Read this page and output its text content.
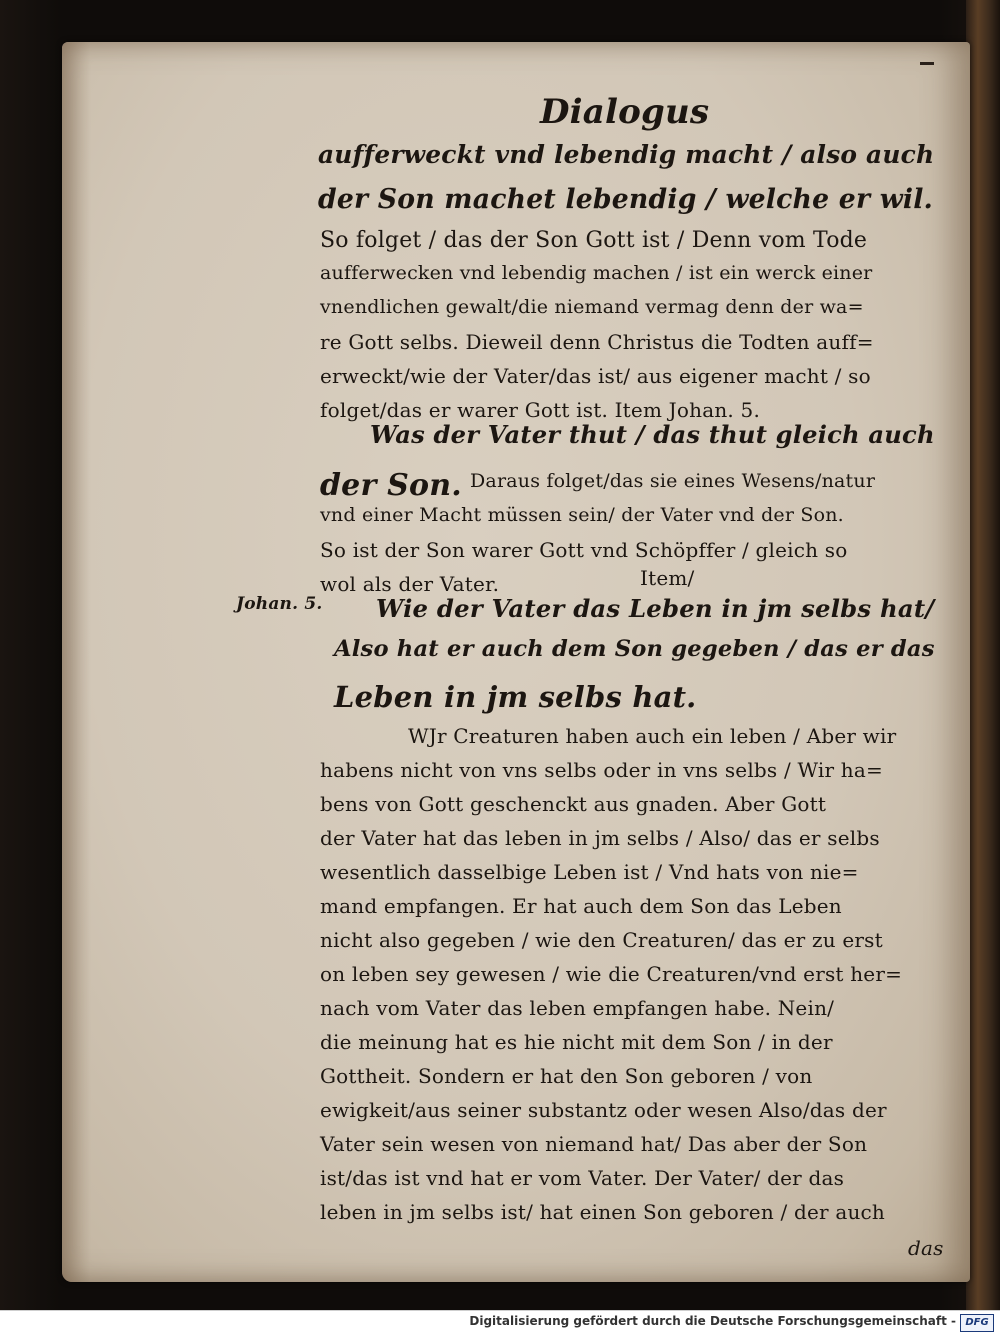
Dialogus
aufferweckt vnd lebendig macht / also auch
der Son machet lebendig / welche er wil.
So folget / das der Son Gott ist / Denn vom Tode
aufferwecken vnd lebendig machen / ist ein werck einer
vnendlichen gewalt/die niemand vermag denn der wa=
re Gott selbs. Dieweil denn Christus die Todten auff=
erweckt/wie der Vater/das ist/ aus eigener macht / so
folget/das er warer Gott ist. Item Johan. 5.
Was der Vater thut / das thut gleich auch
der Son. Daraus folget/das sie eines Wesens/natur
vnd einer Macht müssen sein/ der Vater vnd der Son.
So ist der Son warer Gott vnd Schöpffer / gleich so
wol als der Vater.	Item/
Wie der Vater das Leben in jm selbs hat/
Johan. 5.
Also hat er auch dem Son gegeben / das er das
Leben in jm selbs hat.
WJr Creaturen haben auch ein leben / Aber wir
habens nicht von vns selbs oder in vns selbs / Wir ha=
bens von Gott geschenckt aus gnaden. Aber Gott
der Vater hat das leben in jm selbs / Also/ das er selbs
wesentlich dasselbige Leben ist / Vnd hats von nie=
mand empfangen. Er hat auch dem Son das Leben
nicht also gegeben / wie den Creaturen/ das er zu erst
on leben sey gewesen / wie die Creaturen/vnd erst her=
nach vom Vater das leben empfangen habe. Nein/
die meinung hat es hie nicht mit dem Son / in der
Gottheit. Sondern er hat den Son geboren / von
ewigkeit/aus seiner substantz oder wesen Also/das der
Vater sein wesen von niemand hat/ Das aber der Son
ist/das ist vnd hat er vom Vater. Der Vater/ der das
leben in jm selbs ist/ hat einen Son geboren / der auch
das
Digitalisierung gefördert durch die Deutsche Forschungsgemeinschaft - DFG
